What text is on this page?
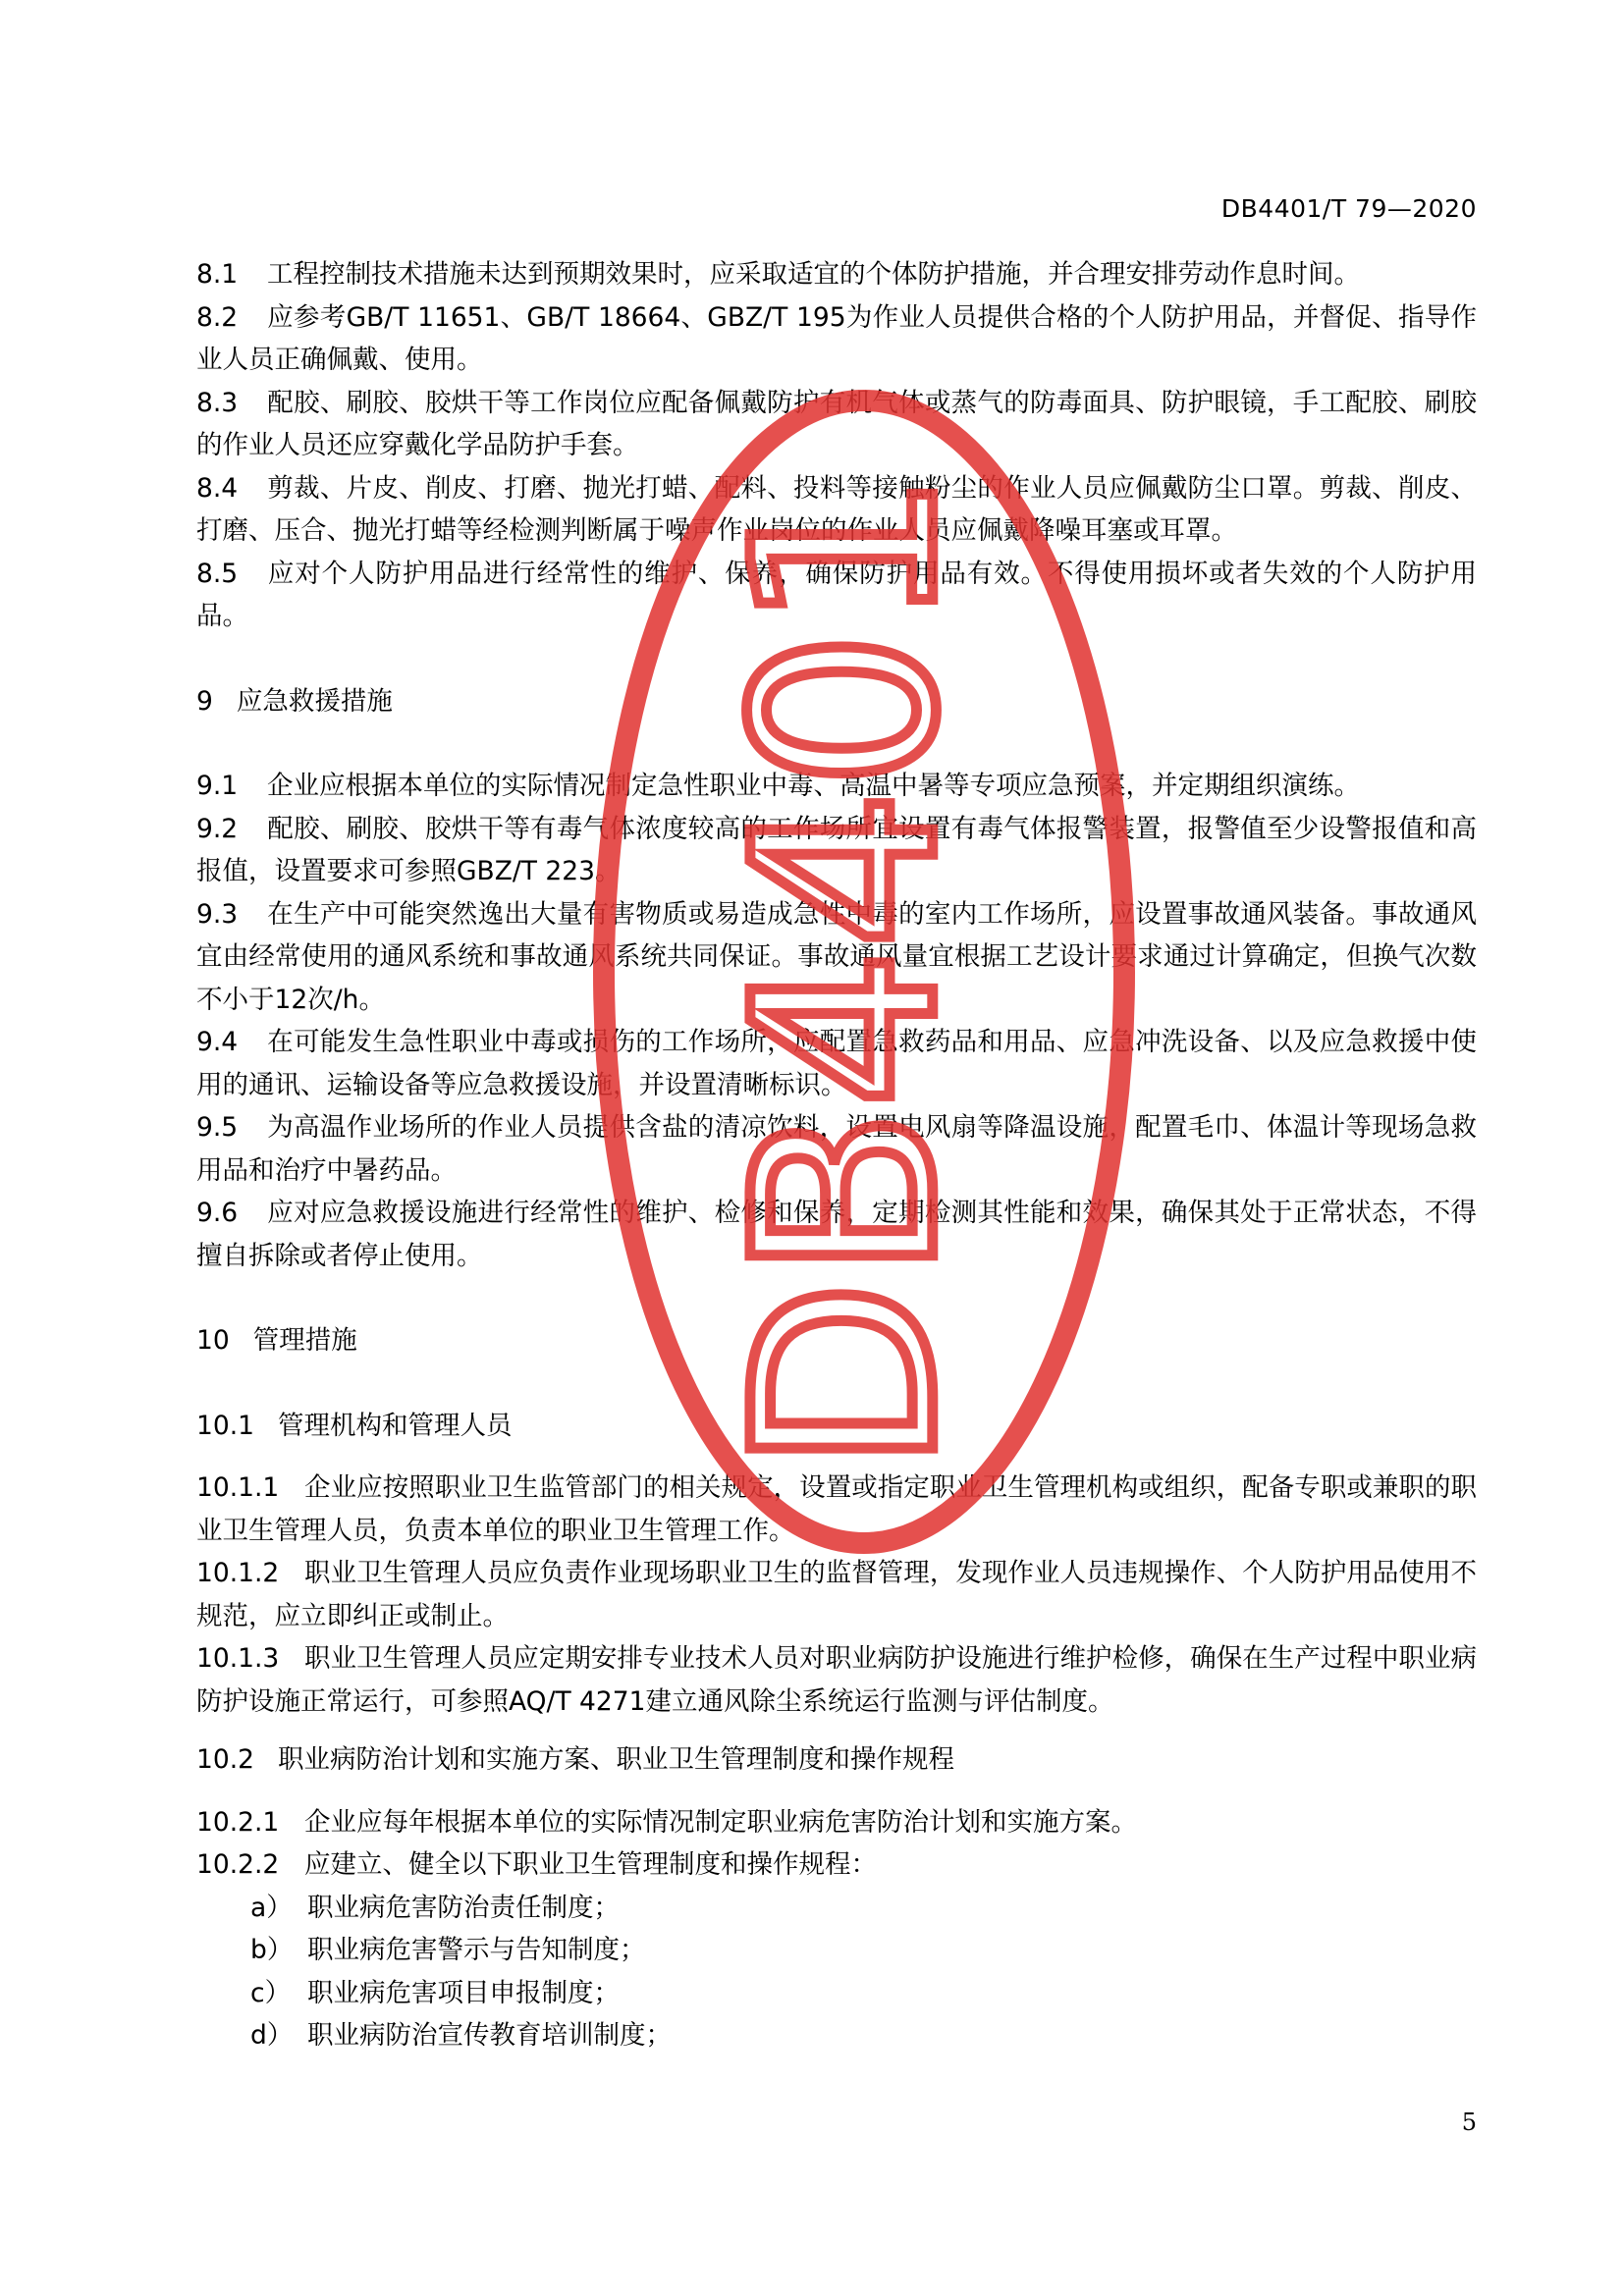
DB4401/T 79—2020

8.1 工程控制技术措施未达到预期效果时，应采取适宜的个体防护措施，并合理安排劳动作息时间。

8.2 应参考GB/T 11651、GB/T 18664、GBZ/T 195为作业人员提供合格的个人防护用品，并督促、指导作业人员正确佩戴、使用。

8.3 配胶、刷胶、胶烘干等工作岗位应配备佩戴防护有机气体或蒸气的防毒面具、防护眼镜，手工配胶、刷胶的作业人员还应穿戴化学品防护手套。

8.4 剪裁、片皮、削皮、打磨、抛光打蜡、配料、投料等接触粉尘的作业人员应佩戴防尘口罩。剪裁、削皮、打磨、压合、抛光打蜡等经检测判断属于噪声作业岗位的作业人员应佩戴降噪耳塞或耳罩。

8.5 应对个人防护用品进行经常性的维护、保养，确保防护用品有效。不得使用损坏或者失效的个人防护用品。

9 应急救援措施

9.1 企业应根据本单位的实际情况制定急性职业中毒、高温中暑等专项应急预案，并定期组织演练。

9.2 配胶、刷胶、胶烘干等有毒气体浓度较高的工作场所宜设置有毒气体报警装置，报警值至少设警报值和高报值，设置要求可参照GBZ/T 223。

9.3 在生产中可能突然逸出大量有害物质或易造成急性中毒的室内工作场所，应设置事故通风装备。事故通风宜由经常使用的通风系统和事故通风系统共同保证。事故通风量宜根据工艺设计要求通过计算确定，但换气次数不小于12次/h。

9.4 在可能发生急性职业中毒或损伤的工作场所，应配置急救药品和用品、应急冲洗设备、以及应急救援中使用的通讯、运输设备等应急救援设施，并设置清晰标识。

9.5 为高温作业场所的作业人员提供含盐的清凉饮料，设置电风扇等降温设施，配置毛巾、体温计等现场急救用品和治疗中暑药品。

9.6 应对应急救援设施进行经常性的维护、检修和保养，定期检测其性能和效果，确保其处于正常状态，不得擅自拆除或者停止使用。

10 管理措施
10.1 管理机构和管理人员

10.1.1 企业应按照职业卫生监管部门的相关规定，设置或指定职业卫生管理机构或组织，配备专职或兼职的职业卫生管理人员，负责本单位的职业卫生管理工作。

10.1.2 职业卫生管理人员应负责作业现场职业卫生的监督管理，发现作业人员违规操作、个人防护用品使用不规范，应立即纠正或制止。

10.1.3 职业卫生管理人员应定期安排专业技术人员对职业病防护设施进行维护检修，确保在生产过程中职业病防护设施正常运行，可参照AQ/T 4271建立通风除尘系统运行监测与评估制度。

10.2 职业病防治计划和实施方案、职业卫生管理制度和操作规程

10.2.1 企业应每年根据本单位的实际情况制定职业病危害防治计划和实施方案。

10.2.2 应建立、健全以下职业卫生管理制度和操作规程：

a） 职业病危害防治责任制度；
b） 职业病危害警示与告知制度；
c） 职业病危害项目申报制度；
d） 职业病防治宣传教育培训制度；
5
DB4401
